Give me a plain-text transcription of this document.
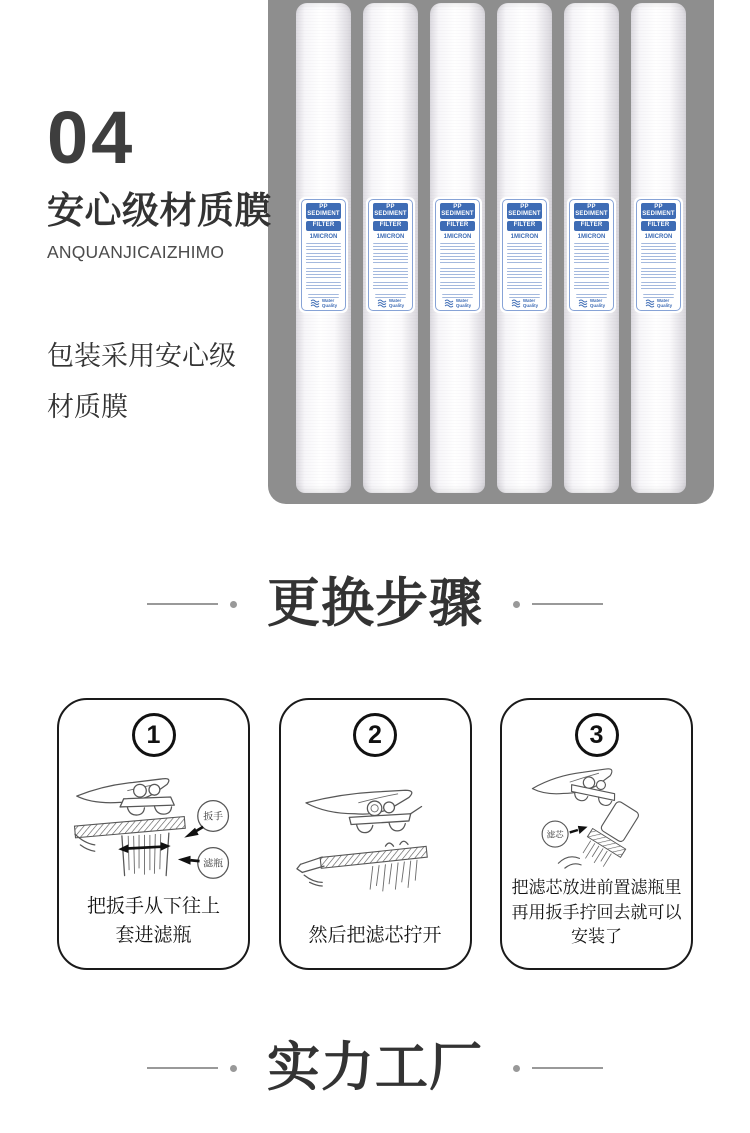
PP SEDIMENT
FILTER
1MICRON
Water
Quality
PP SEDIMENT
FILTER
1MICRON
Water
Quality
PP SEDIMENT
FILTER
1MICRON
Water
Quality
PP SEDIMENT
FILTER
1MICRON
Water
Quality
PP SEDIMENT
FILTER
1MICRON
Water
Quality
PP SEDIMENT
FILTER
1MICRON
Water
Quality
04
安心级材质膜
ANQUANJICAIZHIMO
包装采用安心级
材质膜
更换步骤
1
扳手
滤瓶
把扳手从下往上
套进滤瓶
2
然后把滤芯拧开
3
滤芯
把滤芯放进前置滤瓶里
再用扳手拧回去就可以
安装了
实力工厂
